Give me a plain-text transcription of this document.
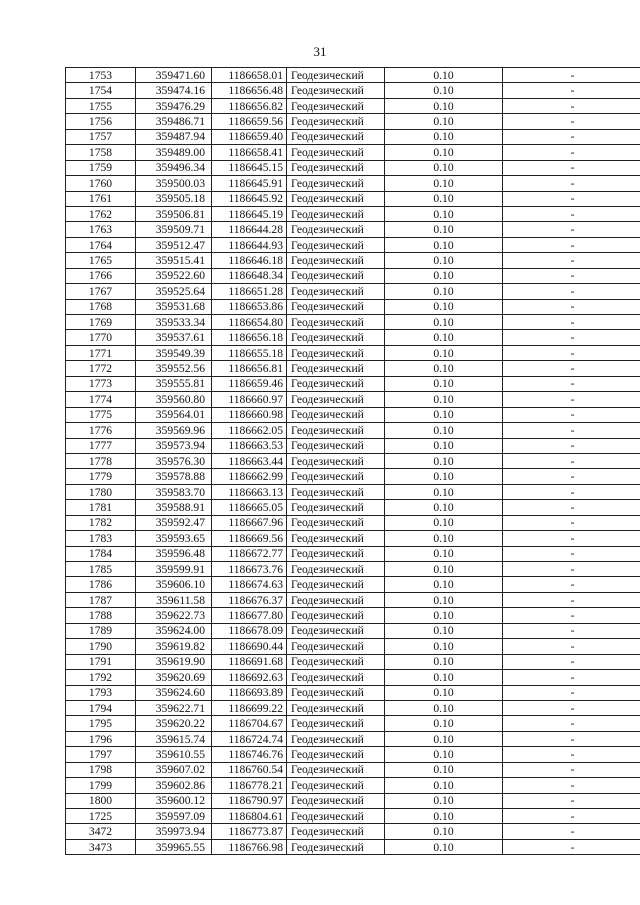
31
1753	359471.60	1186658.01	Геодезический	0.10	-
1754	359474.16	1186656.48	Геодезический	0.10	-
1755	359476.29	1186656.82	Геодезический	0.10	-
1756	359486.71	1186659.56	Геодезический	0.10	-
1757	359487.94	1186659.40	Геодезический	0.10	-
1758	359489.00	1186658.41	Геодезический	0.10	-
1759	359496.34	1186645.15	Геодезический	0.10	-
1760	359500.03	1186645.91	Геодезический	0.10	-
1761	359505.18	1186645.92	Геодезический	0.10	-
1762	359506.81	1186645.19	Геодезический	0.10	-
1763	359509.71	1186644.28	Геодезический	0.10	-
1764	359512.47	1186644.93	Геодезический	0.10	-
1765	359515.41	1186646.18	Геодезический	0.10	-
1766	359522.60	1186648.34	Геодезический	0.10	-
1767	359525.64	1186651.28	Геодезический	0.10	-
1768	359531.68	1186653.86	Геодезический	0.10	-
1769	359533.34	1186654.80	Геодезический	0.10	-
1770	359537.61	1186656.18	Геодезический	0.10	-
1771	359549.39	1186655.18	Геодезический	0.10	-
1772	359552.56	1186656.81	Геодезический	0.10	-
1773	359555.81	1186659.46	Геодезический	0.10	-
1774	359560.80	1186660.97	Геодезический	0.10	-
1775	359564.01	1186660.98	Геодезический	0.10	-
1776	359569.96	1186662.05	Геодезический	0.10	-
1777	359573.94	1186663.53	Геодезический	0.10	-
1778	359576.30	1186663.44	Геодезический	0.10	-
1779	359578.88	1186662.99	Геодезический	0.10	-
1780	359583.70	1186663.13	Геодезический	0.10	-
1781	359588.91	1186665.05	Геодезический	0.10	-
1782	359592.47	1186667.96	Геодезический	0.10	-
1783	359593.65	1186669.56	Геодезический	0.10	-
1784	359596.48	1186672.77	Геодезический	0.10	-
1785	359599.91	1186673.76	Геодезический	0.10	-
1786	359606.10	1186674.63	Геодезический	0.10	-
1787	359611.58	1186676.37	Геодезический	0.10	-
1788	359622.73	1186677.80	Геодезический	0.10	-
1789	359624.00	1186678.09	Геодезический	0.10	-
1790	359619.82	1186690.44	Геодезический	0.10	-
1791	359619.90	1186691.68	Геодезический	0.10	-
1792	359620.69	1186692.63	Геодезический	0.10	-
1793	359624.60	1186693.89	Геодезический	0.10	-
1794	359622.71	1186699.22	Геодезический	0.10	-
1795	359620.22	1186704.67	Геодезический	0.10	-
1796	359615.74	1186724.74	Геодезический	0.10	-
1797	359610.55	1186746.76	Геодезический	0.10	-
1798	359607.02	1186760.54	Геодезический	0.10	-
1799	359602.86	1186778.21	Геодезический	0.10	-
1800	359600.12	1186790.97	Геодезический	0.10	-
1725	359597.09	1186804.61	Геодезический	0.10	-
3472	359973.94	1186773.87	Геодезический	0.10	-
3473	359965.55	1186766.98	Геодезический	0.10	-
